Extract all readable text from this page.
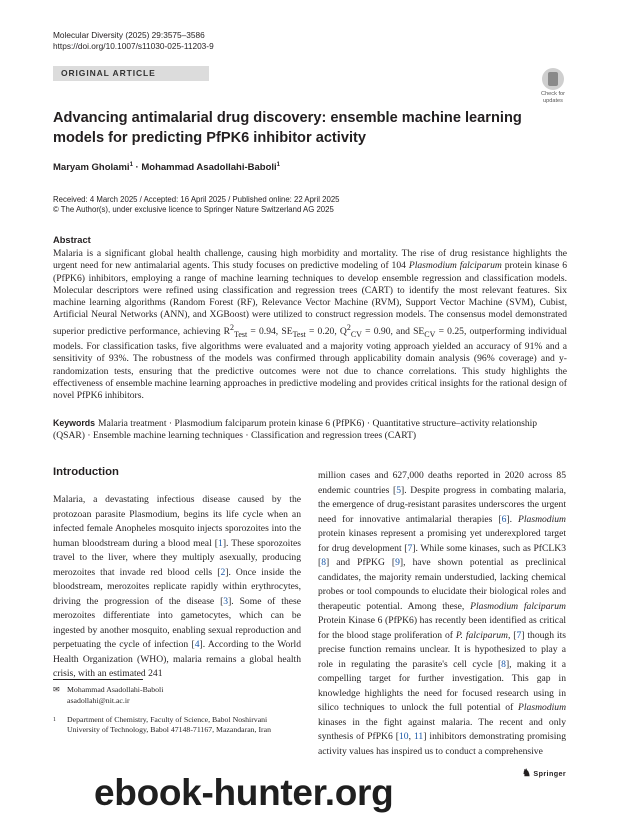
Molecular Diversity (2025) 29:3575–3586
https://doi.org/10.1007/s11030-025-11203-9
ORIGINAL ARTICLE
Check for
updates
Advancing antimalarial drug discovery: ensemble machine learning models for predicting PfPK6 inhibitor activity
Maryam Gholami$^1$ · Mohammad Asadollahi-Baboli$^1$
Received: 4 March 2025 / Accepted: 16 April 2025 / Published online: 22 April 2025
© The Author(s), under exclusive licence to Springer Nature Switzerland AG 2025
Abstract

Malaria is a significant global health challenge, causing high morbidity and mortality. The rise of drug resistance highlights the urgent need for new antimalarial agents. This study focuses on predictive modeling of 104 Plasmodium falciparum protein kinase 6 (PfPK6) inhibitors, employing a range of machine learning techniques to develop ensemble regression and classification models. Molecular descriptors were refined using classification and regression trees (CART) to identify the most relevant features. Six machine learning algorithms (Random Forest (RF), Relevance Vector Machine (RVM), Support Vector Machine (SVM), Cubist, Artificial Neural Networks (ANN), and XGBoost) were utilized to construct regression models. The consensus model demonstrated superior predictive performance, achieving $R^2_{Test} = 0.94$, $SE_{Test} = 0.20$, $Q^2_{CV} = 0.90$, and $SE_{CV} = 0.25$, outperforming individual models. For classification tasks, five algorithms were evaluated and a majority voting approach yielded an accuracy of 91% and a sensitivity of 93%. The robustness of the models was confirmed through applicability domain analysis (96% coverage) and y-randomization tests, ensuring that the predictive outcomes were not due to chance correlations. This study highlights the effectiveness of ensemble machine learning approaches in predictive modeling and provides critical insights for the rational design of novel PfPK6 inhibitors.

Keywords Malaria treatment · Plasmodium falciparum protein kinase 6 (PfPK6) · Quantitative structure–activity relationship (QSAR) · Ensemble machine learning techniques · Classification and regression trees (CART)

Introduction

Malaria, a devastating infectious disease caused by the protozoan parasite Plasmodium, begins its life cycle when an infected female Anopheles mosquito injects sporozoites into the human bloodstream during a blood meal [1]. These sporozoites travel to the liver, where they multiply asexually, producing merozoites that invade red blood cells [2]. Once inside the bloodstream, merozoites replicate rapidly within erythrocytes, driving the progression of the disease [3]. Some of these merozoites differentiate into gametocytes, which can be ingested by another mosquito, enabling sexual reproduction and perpetuating the cycle of infection [4]. According to the World Health Organization (WHO), malaria remains a global health crisis, with an estimated 241

million cases and 627,000 deaths reported in 2020 across 85 endemic countries [5]. Despite progress in combating malaria, the emergence of drug-resistant parasites underscores the urgent need for innovative antimalarial therapies [6]. Plasmodium protein kinases represent a promising yet underexplored target for drug development [7]. While some kinases, such as PfCLK3 [8] and PfPKG [9], have shown potential as preclinical candidates, the majority remain understudied, lacking chemical probes or tool compounds to elucidate their biological roles and therapeutic potential. Among these, Plasmodium falciparum Protein Kinase 6 (PfPK6) has recently been identified as critical for the blood stage proliferation of P. falciparum, [7] though its precise function remains unclear. It is hypothesized to play a role in regulating the parasite's cell cycle [8], making it a compelling target for further investigation. This gap in knowledge highlights the need for focused research using in silico techniques to unlock the full potential of Plasmodium kinases in the fight against malaria. The recent and only synthesis of PfPK6 [10, 11] inhibitors demonstrating promising activity values has inspired us to conduct a comprehensive

✉ Mohammad Asadollahi-Baboli
asadollahi@nit.ac.ir
1 Department of Chemistry, Faculty of Science, Babol Noshirvani University of Technology, Babol 47148-71167, Mazandaran, Iran
♞ Springer
ebook-hunter.org
